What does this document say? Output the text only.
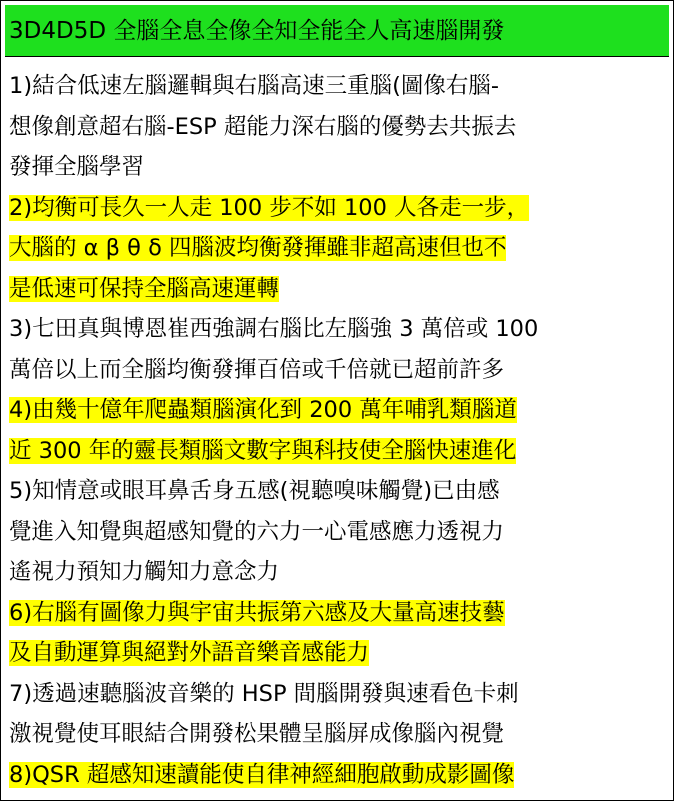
3D4D5D 全腦全息全像全知全能全人高速腦開發
1)結合低速左腦邏輯與右腦高速三重腦(圖像右腦-
想像創意超右腦-ESP 超能力深右腦的優勢去共振去
發揮全腦學習
2)均衡可長久一人走 100 步不如 100 人各走一步，
大腦的 α β θ δ 四腦波均衡發揮雖非超高速但也不
是低速可保持全腦高速運轉
3)七田真與博恩崔西強調右腦比左腦強 3 萬倍或 100
萬倍以上而全腦均衡發揮百倍或千倍就已超前許多
4)由幾十億年爬蟲類腦演化到 200 萬年哺乳類腦道
近 300 年的靈長類腦文數字與科技使全腦快速進化
5)知情意或眼耳鼻舌身五感(視聽嗅味觸覺)已由感
覺進入知覺與超感知覺的六力一心電感應力透視力
遙視力預知力觸知力意念力
6)右腦有圖像力與宇宙共振第六感及大量高速技藝
及自動運算與絕對外語音樂音感能力
7)透過速聽腦波音樂的 HSP 間腦開發與速看色卡刺
激視覺使耳眼結合開發松果體呈腦屏成像腦內視覺
8)QSR 超感知速讀能使自律神經細胞啟動成影圖像
